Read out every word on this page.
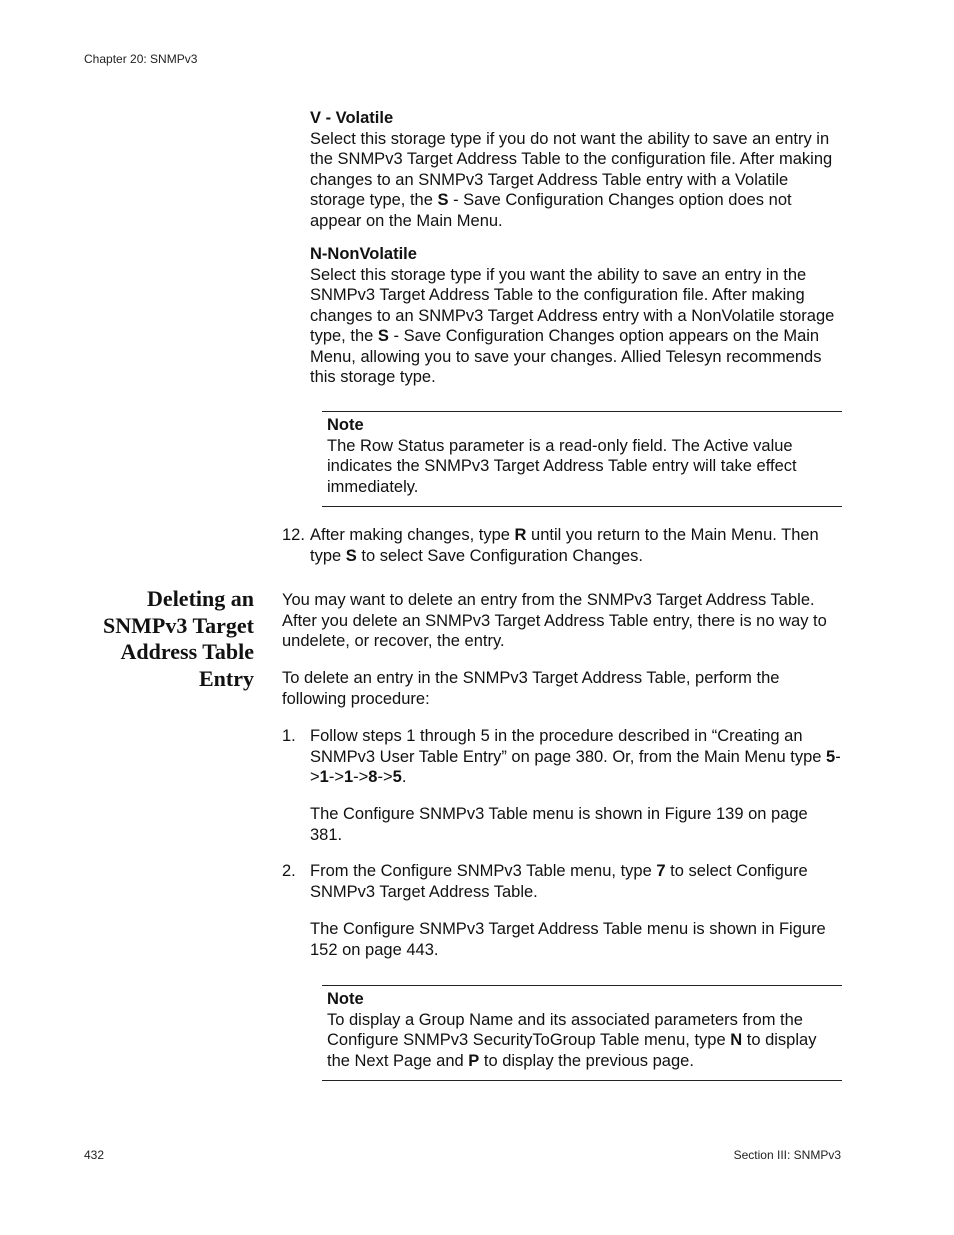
Chapter 20: SNMPv3

V - Volatile
Select this storage type if you do not want the ability to save an entry in the SNMPv3 Target Address Table to the configuration file. After making changes to an SNMPv3 Target Address Table entry with a Volatile storage type, the S - Save Configuration Changes option does not appear on the Main Menu.

N-NonVolatile
Select this storage type if you want the ability to save an entry in the SNMPv3 Target Address Table to the configuration file. After making changes to an SNMPv3 Target Address entry with a NonVolatile storage type, the S - Save Configuration Changes option appears on the Main Menu, allowing you to save your changes. Allied Telesyn recommends this storage type.

Note
The Row Status parameter is a read-only field. The Active value indicates the SNMPv3 Target Address Table entry will take effect immediately.
12. After making changes, type R until you return to the Main Menu. Then type S to select Save Configuration Changes.

Deleting an
SNMPv3 Target
Address Table
Entry

You may want to delete an entry from the SNMPv3 Target Address Table. After you delete an SNMPv3 Target Address Table entry, there is no way to undelete, or recover, the entry.

To delete an entry in the SNMPv3 Target Address Table, perform the following procedure:

1. Follow steps 1 through 5 in the procedure described in “Creating an SNMPv3 User Table Entry” on page 380. Or, from the Main Menu type 5->1->1->8->5.

The Configure SNMPv3 Table menu is shown in Figure 139 on page 381.

2. From the Configure SNMPv3 Table menu, type 7 to select Configure SNMPv3 Target Address Table.

The Configure SNMPv3 Target Address Table menu is shown in Figure 152 on page 443.

Note
To display a Group Name and its associated parameters from the Configure SNMPv3 SecurityToGroup Table menu, type N to display the Next Page and P to display the previous page.
432	Section III: SNMPv3
